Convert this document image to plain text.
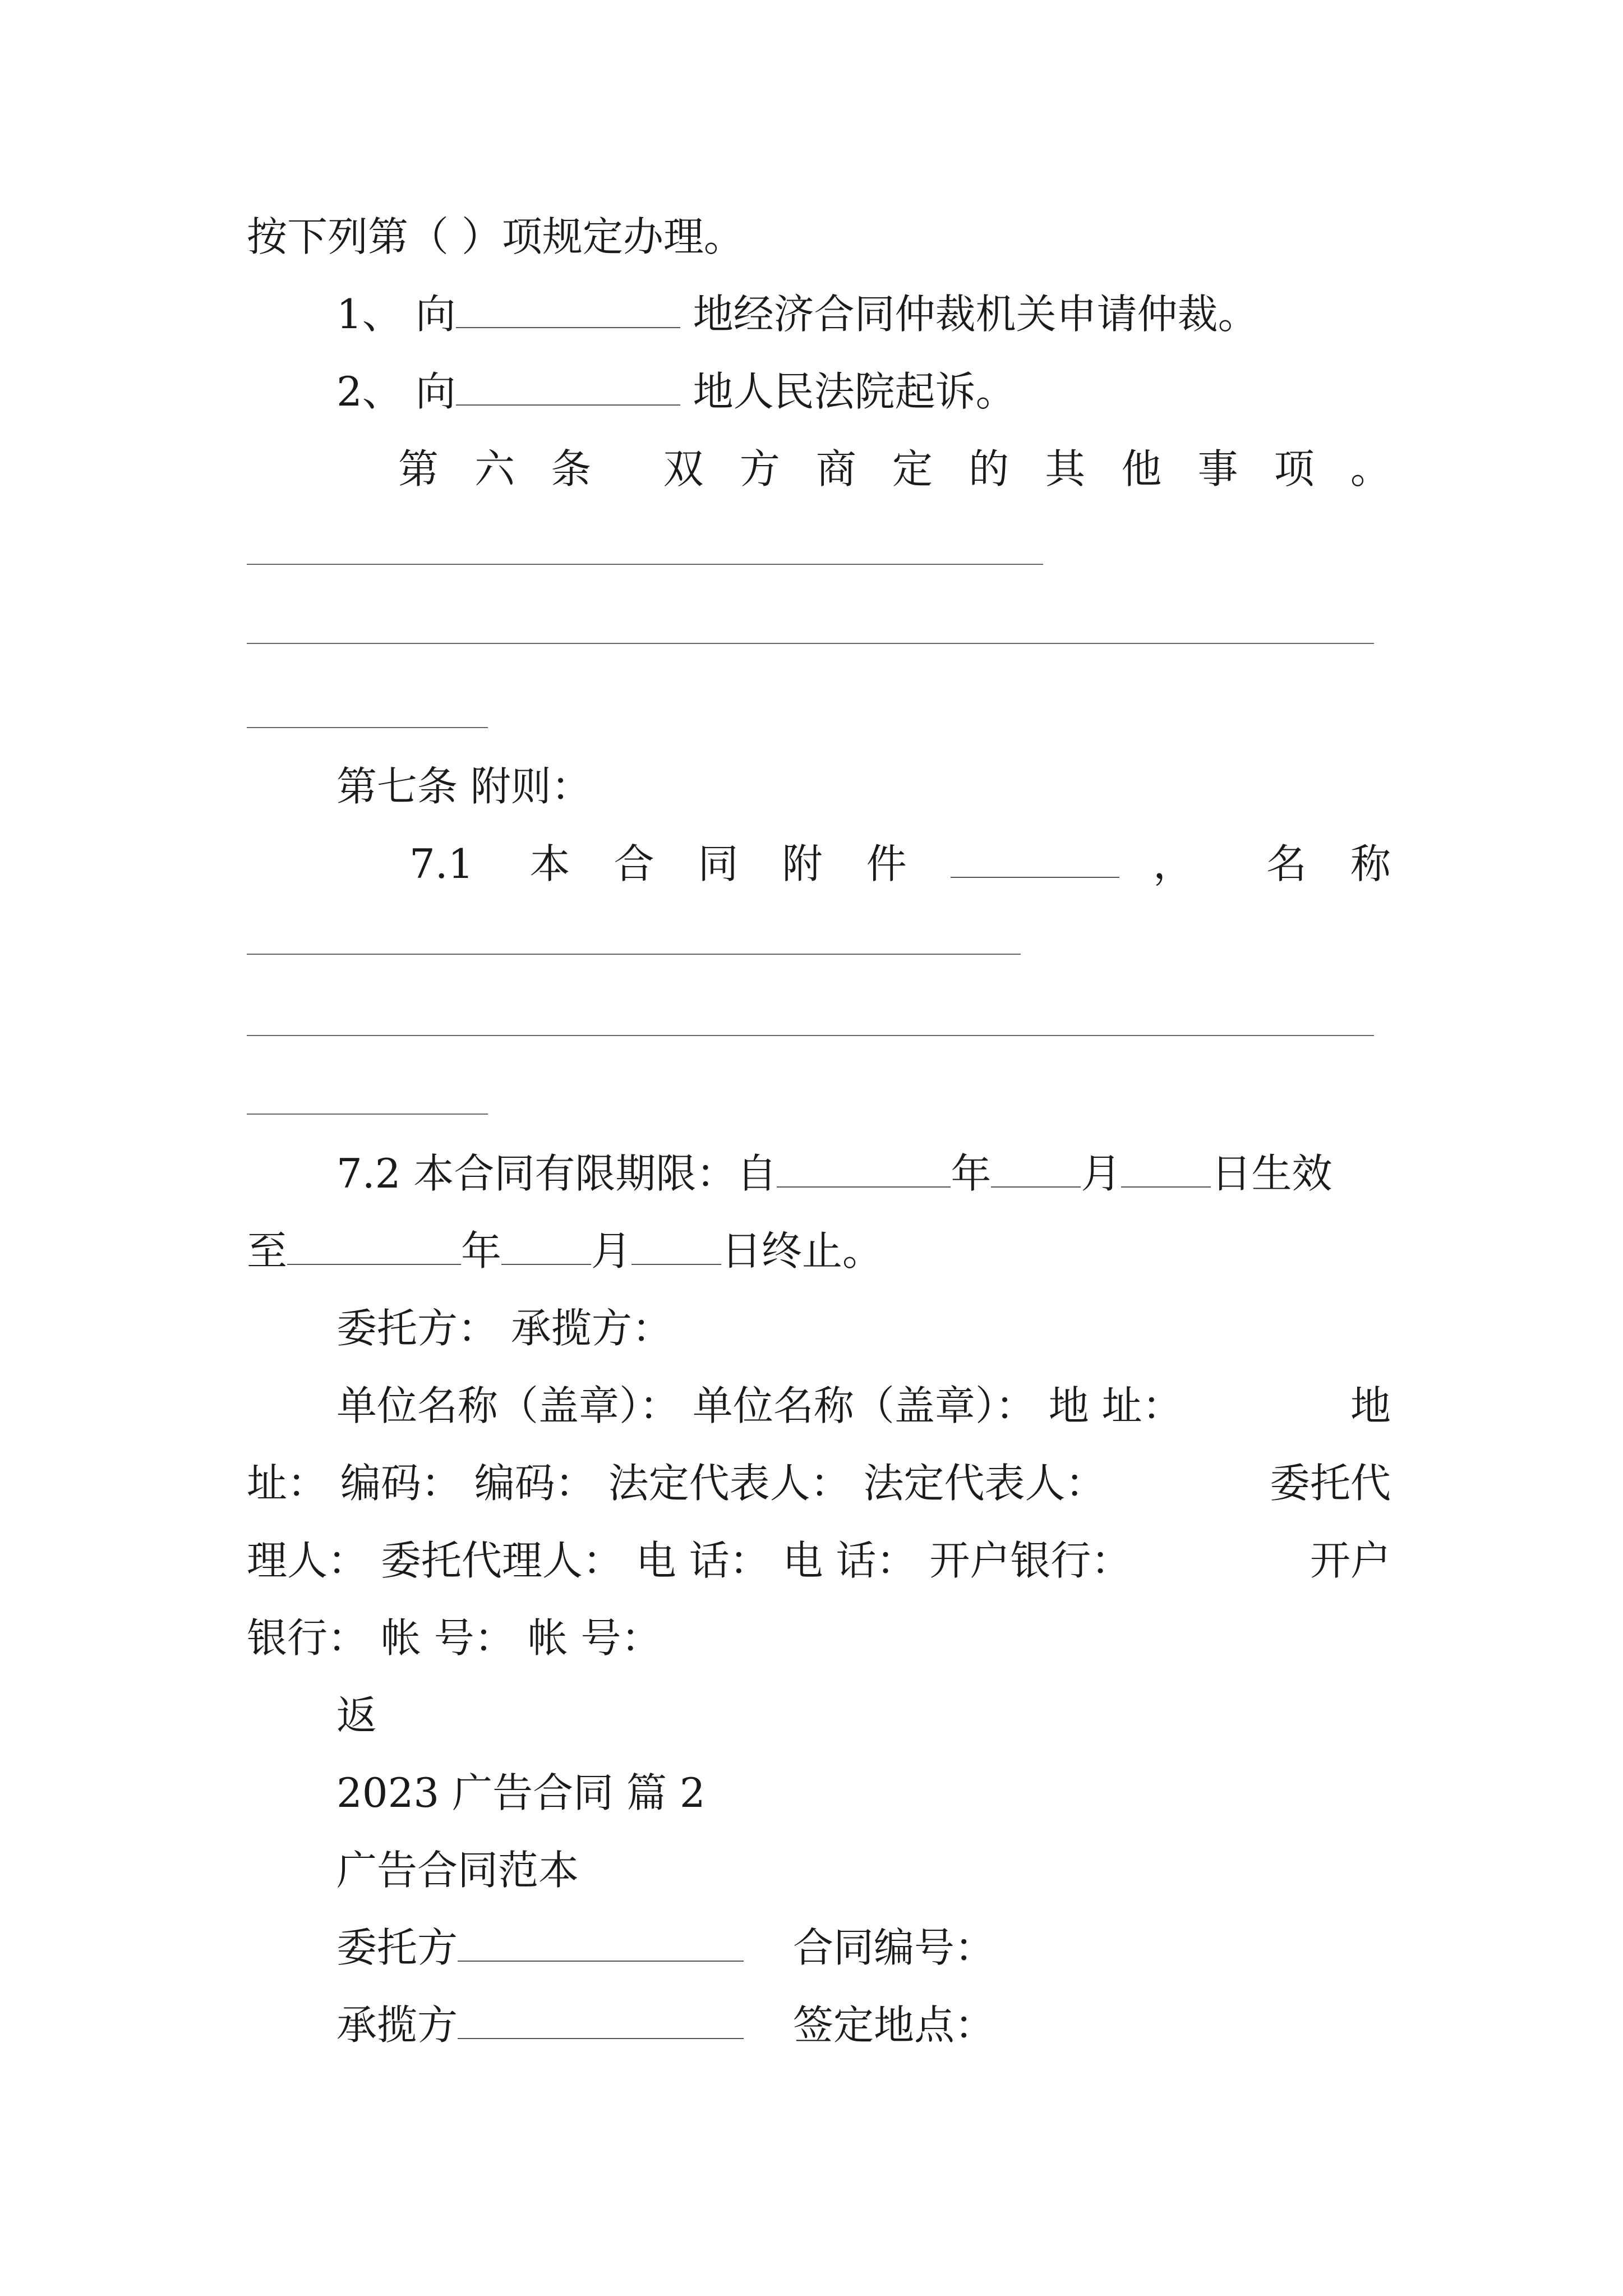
按下列第（ ）项规定办理。
1、 向	地经济合同仲裁机关申请仲裁。
2、 向	地人民法院起诉。
第 六 条 双 方 商 定 的 其 他 事 项 。
第七条 附则：
7.1 本 合 同 附 件	， 名 称
7.2 本合同有限期限：自	年 月 日生效
至	年 月 日终止。
委托方： 承揽方：
单位名称（盖章）： 单位名称（盖章）： 地 址：	地
址： 编码： 编码： 法定代表人： 法定代表人：	委托代
理人： 委托代理人： 电 话： 电 话： 开户银行：	开户
银行： 帐 号： 帐 号：
返
2023 广告合同 篇 2
广告合同范本
委托方	合同编号：
承揽方	签定地点：
